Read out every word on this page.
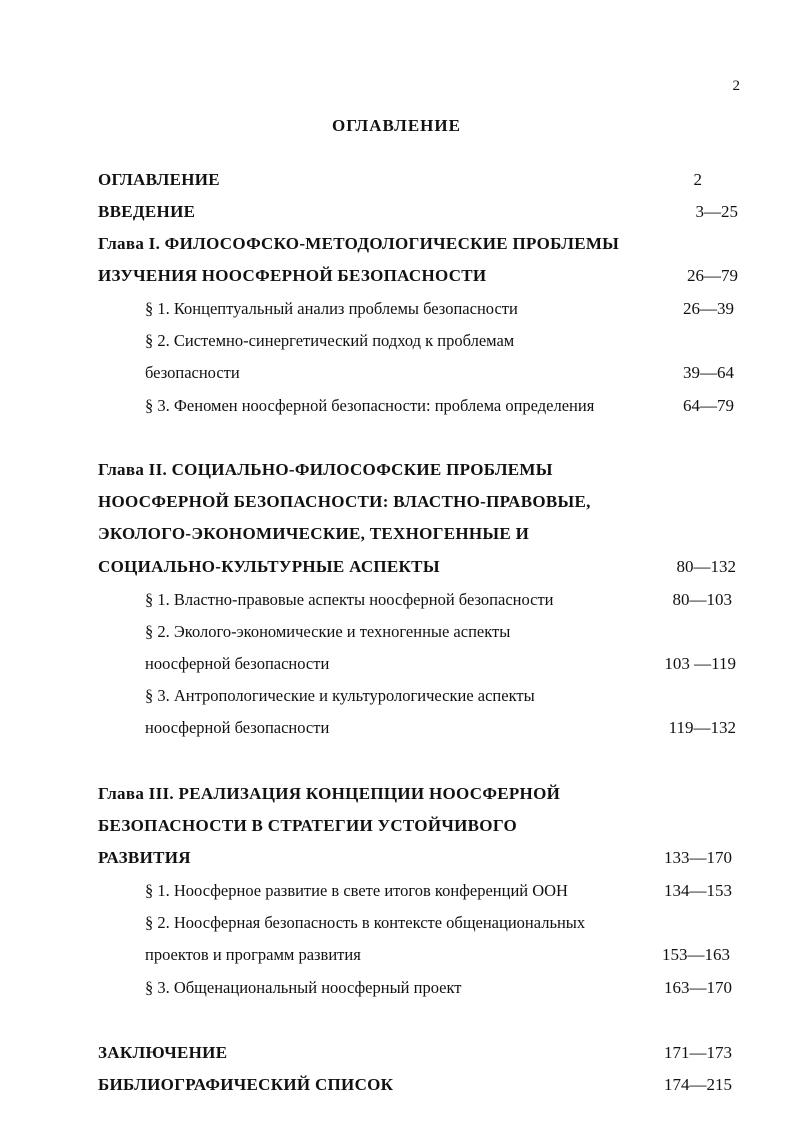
2
ОГЛАВЛЕНИЕ
ОГЛАВЛЕНИЕ	2
ВВЕДЕНИЕ	3—25
Глава I. ФИЛОСОФСКО-МЕТОДОЛОГИЧЕСКИЕ ПРОБЛЕМЫ
ИЗУЧЕНИЯ НООСФЕРНОЙ БЕЗОПАСНОСТИ	26—79
§ 1. Концептуальный анализ проблемы безопасности	26—39
§ 2. Системно-синергетический подход к проблемам
безопасности	39—64
§ 3. Феномен ноосферной безопасности: проблема определения	64—79
Глава II. СОЦИАЛЬНО-ФИЛОСОФСКИЕ ПРОБЛЕМЫ
НООСФЕРНОЙ БЕЗОПАСНОСТИ: ВЛАСТНО-ПРАВОВЫЕ,
ЭКОЛОГО-ЭКОНОМИЧЕСКИЕ, ТЕХНОГЕННЫЕ И
СОЦИАЛЬНО-КУЛЬТУРНЫЕ АСПЕКТЫ	80—132
§ 1. Властно-правовые аспекты ноосферной безопасности	80—103
§ 2. Эколого-экономические и техногенные аспекты
ноосферной безопасности	103 —119
§ 3. Антропологические и культурологические аспекты
ноосферной безопасности	119—132
Глава III. РЕАЛИЗАЦИЯ КОНЦЕПЦИИ НООСФЕРНОЙ
БЕЗОПАСНОСТИ В СТРАТЕГИИ УСТОЙЧИВОГО
РАЗВИТИЯ	133—170
§ 1. Ноосферное развитие в свете итогов конференций ООН	134—153
§ 2. Ноосферная безопасность в контексте общенациональных
проектов и программ развития	153—163
§ 3. Общенациональный ноосферный проект	163—170
ЗАКЛЮЧЕНИЕ	171—173
БИБЛИОГРАФИЧЕСКИЙ СПИСОК	174—215
